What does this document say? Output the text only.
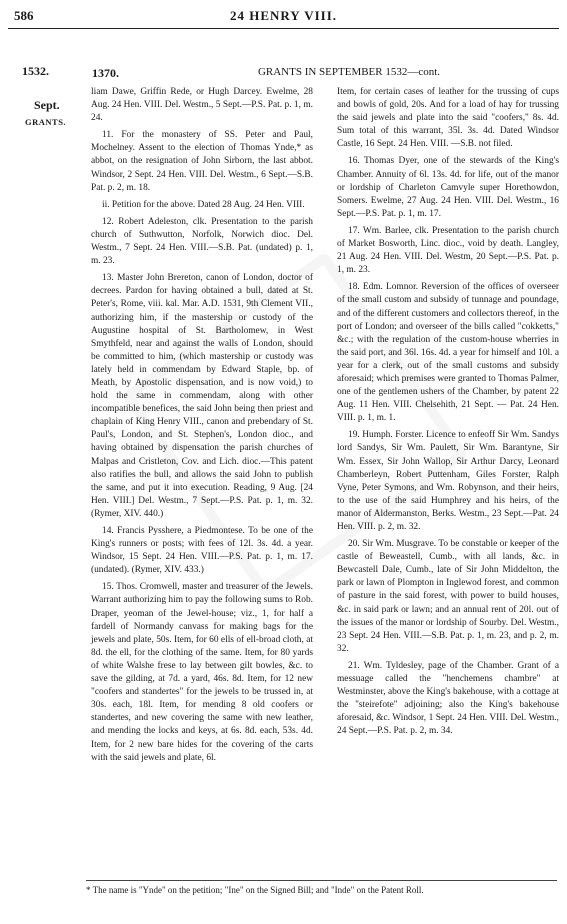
24 HENRY VIII.
586
1532.
Sept.
GRANTS.
1370.	GRANTS IN SEPTEMBER 1532—cont.

liam Dawe, Griffin Rede, or Hugh Darcey. Ewelme, 28 Aug. 24 Hen. VIII. Del. Westm., 5 Sept.—P.S. Pat. p. 1, m. 24.

11. For the monastery of SS. Peter and Paul, Mochelney. Assent to the election of Thomas Ynde,* as abbot, on the resignation of John Sirborn, the last abbot. Windsor, 2 Sept. 24 Hen. VIII. Del. Westm., 6 Sept.—S.B. Pat. p. 2, m. 18.

ii. Petition for the above. Dated 28 Aug. 24 Hen. VIII.

12. Robert Adeleston, clk. Presentation to the parish church of Suthwutton, Norfolk, Norwich dioc. Del. Westm., 7 Sept. 24 Hen. VIII.—S.B. Pat. (undated) p. 1, m. 23.

13. Master John Brereton, canon of London, doctor of decrees. Pardon for having obtained a bull, dated at St. Peter's, Rome, viii. kal. Mar. A.D. 1531, 9th Clement VII., authorizing him, if the mastership or custody of the Augustine hospital of St. Bartholomew, in West Smythfeld, near and against the walls of London, should be committed to him, (which mastership or custody was lately held in commendam by Edward Staple, bp. of Meath, by Apostolic dispensation, and is now void,) to hold the same in commendam, along with other incompatible benefices, the said John being then priest and chaplain of King Henry VIII., canon and prebendary of St. Paul's, London, and St. Stephen's, London dioc., and having obtained by dispensation the parish churches of Malpas and Cristleton, Cov. and Lich. dioc.—This patent also ratifies the bull, and allows the said John to publish the same, and put it into execution. Reading, 9 Aug. [24 Hen. VIII.] Del. Westm., 7 Sept.—P.S. Pat. p. 1, m. 32. (Rymer, XIV. 440.)

14. Francis Pysshere, a Piedmontese. To be one of the King's runners or posts; with fees of 12l. 3s. 4d. a year. Windsor, 15 Sept. 24 Hen. VIII.—P.S. Pat. p. 1, m. 17. (undated). (Rymer, XIV. 433.)

15. Thos. Cromwell, master and treasurer of the Jewels. Warrant authorizing him to pay the following sums to Rob. Draper, yeoman of the Jewel-house; viz., 1, for half a fardell of Normandy canvass for making bags for the jewels and plate, 50s. Item, for 60 ells of ell-broad cloth, at 8d. the ell, for the clothing of the same. Item, for 80 yards of white Walshe frese to lay between gilt bowles, &c. to save the gilding, at 7d. a yard, 46s. 8d. Item, for 12 new "coofers and standertes" for the jewels to be trussed in, at 30s. each, 18l. Item, for mending 8 old coofers or standertes, and new covering the same with new leather, and mending the locks and keys, at 6s. 8d. each, 53s. 4d. Item, for 2 new bare hides for the covering of the carts with the said jewels and plate, 6l.

Item, for certain cases of leather for the trussing of cups and bowls of gold, 20s. And for a load of hay for trussing the said jewels and plate into the said "coofers," 8s. 4d. Sum total of this warrant, 35l. 3s. 4d. Dated Windsor Castle, 16 Sept. 24 Hen. VIII. —S.B. not filed.

16. Thomas Dyer, one of the stewards of the King's Chamber. Annuity of 6l. 13s. 4d. for life, out of the manor or lordship of Charleton Camvyle super Horethowdon, Somers. Ewelme, 27 Aug. 24 Hen. VIII. Del. Westm., 16 Sept.—P.S. Pat. p. 1, m. 17.

17. Wm. Barlee, clk. Presentation to the parish church of Market Bosworth, Linc. dioc., void by death. Langley, 21 Aug. 24 Hen. VIII. Del. Westm, 20 Sept.—P.S. Pat. p. 1, m. 23.

18. Edm. Lomnor. Reversion of the offices of overseer of the small custom and subsidy of tunnage and poundage, and of the different customers and collectors thereof, in the port of London; and overseer of the bills called "cokketts," &c.; with the regulation of the custom-house wherries in the said port, and 36l. 16s. 4d. a year for himself and 10l. a year for a clerk, out of the small customs and subsidy aforesaid; which premises were granted to Thomas Palmer, one of the gentlemen ushers of the Chamber, by patent 22 Aug. 11 Hen. VIII. Chelsehith, 21 Sept. — Pat. 24 Hen. VIII. p. 1, m. 1.

19. Humph. Forster. Licence to enfeoff Sir Wm. Sandys lord Sandys, Sir Wm. Paulett, Sir Wm. Barantyne, Sir Wm. Essex, Sir John Wallop, Sir Arthur Darcy, Leonard Chamberleyn, Robert Puttenham, Giles Forster, Ralph Vyne, Peter Symons, and Wm. Robynson, and their heirs, to the use of the said Humphrey and his heirs, of the manor of Aldermanston, Berks. Westm., 23 Sept.—Pat. 24 Hen. VIII. p. 2, m. 32.

20. Sir Wm. Musgrave. To be constable or keeper of the castle of Beweastell, Cumb., with all lands, &c. in Bewcastell Dale, Cumb., late of Sir John Middelton, the park or lawn of Plompton in Inglewod forest, and common of pasture in the said forest, with power to build houses, &c. in said park or lawn; and an annual rent of 20l. out of the issues of the manor or lordship of Sourby. Del. Westm., 23 Sept. 24 Hen. VIII.—S.B. Pat. p. 1, m. 23, and p. 2, m. 32.

21. Wm. Tyldesley, page of the Chamber. Grant of a messuage called the "henchemens chambre" at Westminster, above the King's bakehouse, with a cottage at the "steirefote" adjoining; also the King's bakehouse aforesaid, &c. Windsor, 1 Sept. 24 Hen. VIII. Del. Westm., 24 Sept.—P.S. Pat. p. 2, m. 34.

* The name is "Ynde" on the petition; "Ine" on the Signed Bill; and "Inde" on the Patent Roll.
